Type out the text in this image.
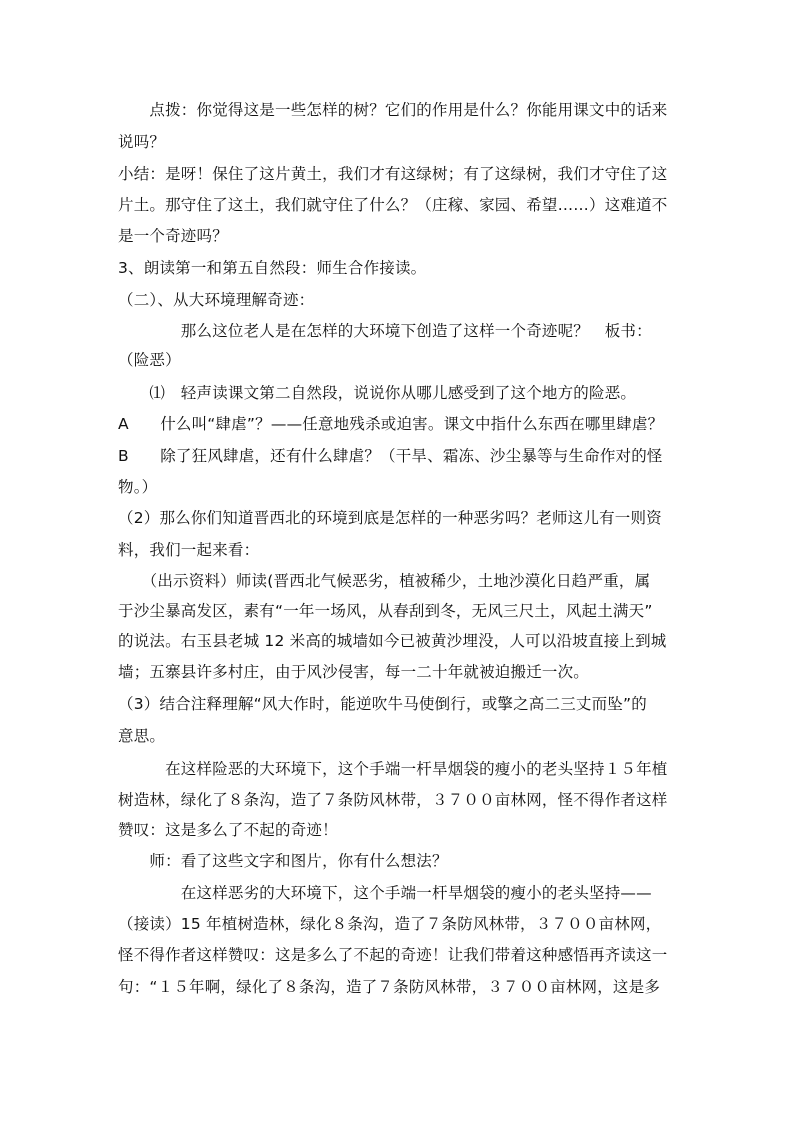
　　点拨：你觉得这是一些怎样的树？它们的作用是什么？你能用课文中的话来
说吗？
小结：是呀！保住了这片黄土，我们才有这绿树；有了这绿树，我们才守住了这
片土。那守住了这土，我们就守住了什么？（庄稼、家园、希望……）这难道不
是一个奇迹吗？
3、朗读第一和第五自然段：师生合作接读。
（二）、从大环境理解奇迹：
　　　　那么这位老人是在怎样的大环境下创造了这样一个奇迹呢？　板书：
（险恶）
　　⑴　轻声读课文第二自然段，说说你从哪儿感受到了这个地方的险恶。
A　　什么叫“肆虐”？——任意地残杀或迫害。课文中指什么东西在哪里肆虐？
B　　除了狂风肆虐，还有什么肆虐？（干旱、霜冻、沙尘暴等与生命作对的怪
物。）
（2）那么你们知道晋西北的环境到底是怎样的一种恶劣吗？老师这儿有一则资
料，我们一起来看：
　　（出示资料）师读(晋西北气候恶劣，植被稀少，土地沙漠化日趋严重，属
于沙尘暴高发区，素有“一年一场风，从春刮到冬，无风三尺土，风起土满天”
的说法。右玉县老城 12 米高的城墙如今已被黄沙埋没，人可以沿坡直接上到城
墙；五寨县许多村庄，由于风沙侵害，每一二十年就被迫搬迁一次。
（3）结合注释理解“风大作时，能逆吹牛马使倒行，或擎之高二三丈而坠”的
意思。
　　　在这样险恶的大环境下，这个手端一杆旱烟袋的瘦小的老头坚持１５年植
树造林，绿化了８条沟，造了７条防风林带，３７００亩林网，怪不得作者这样
赞叹：这是多么了不起的奇迹！
　　师：看了这些文字和图片，你有什么想法？
　　　　在这样恶劣的大环境下，这个手端一杆旱烟袋的瘦小的老头坚持——
（接读）15 年植树造林，绿化８条沟，造了７条防风林带，３７００亩林网，
怪不得作者这样赞叹：这是多么了不起的奇迹！让我们带着这种感悟再齐读这一
句：“１５年啊，绿化了８条沟，造了７条防风林带，３７００亩林网，这是多
